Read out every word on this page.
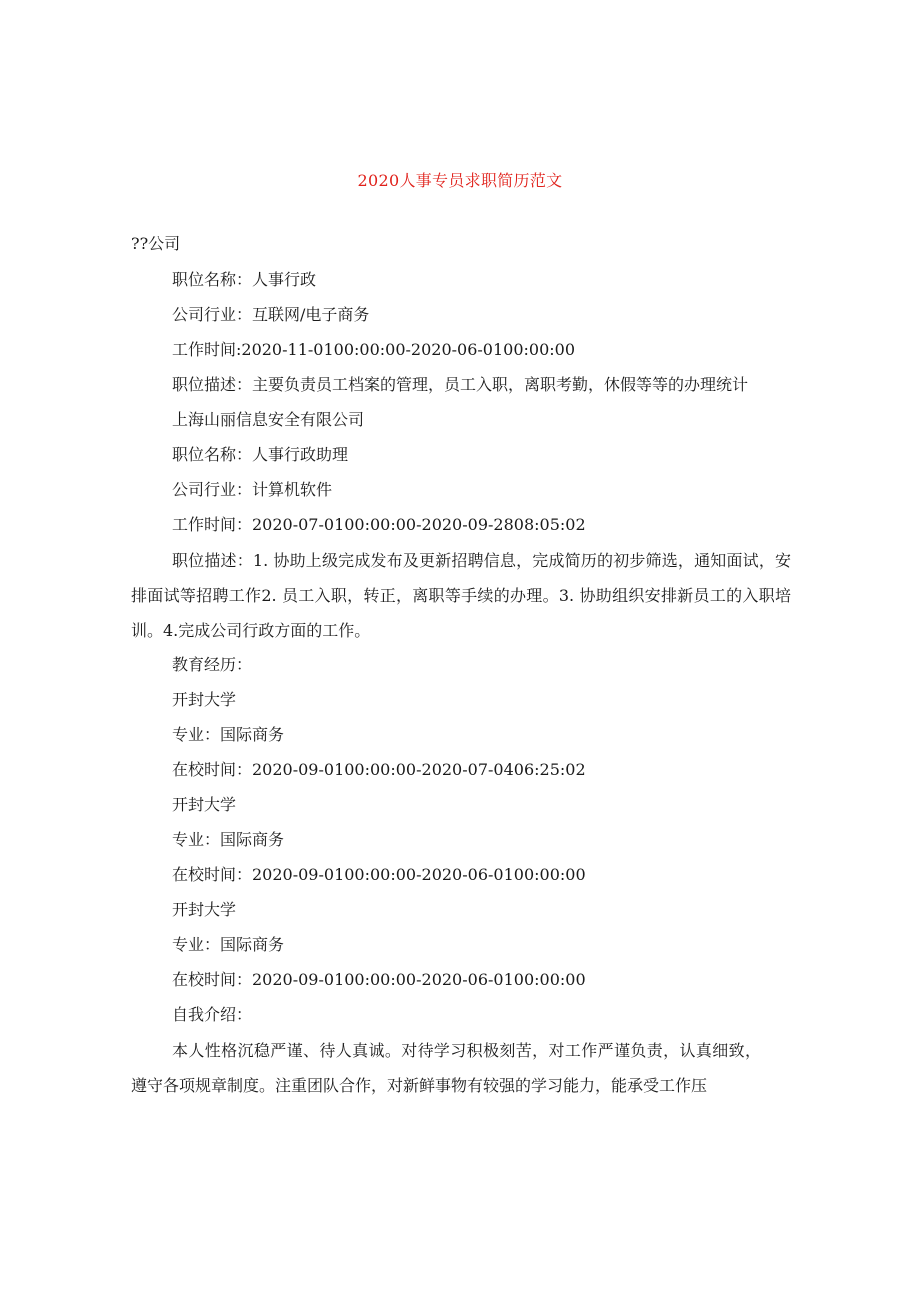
2020人事专员求职简历范文
??公司
职位名称：人事行政
公司行业：互联网/电子商务
工作时间:2020-11-0100:00:00-2020-06-0100:00:00
职位描述：主要负责员工档案的管理，员工入职，离职考勤，休假等等的办理统计
上海山丽信息安全有限公司
职位名称：人事行政助理
公司行业：计算机软件
工作时间：2020-07-0100:00:00-2020-09-2808:05:02
职位描述：1. 协助上级完成发布及更新招聘信息，完成简历的初步筛选，通知面试，安排面试等招聘工作2. 员工入职，转正，离职等手续的办理。3. 协助组织安排新员工的入职培训。4.完成公司行政方面的工作。
教育经历：
开封大学
专业：国际商务
在校时间：2020-09-0100:00:00-2020-07-0406:25:02
开封大学
专业：国际商务
在校时间：2020-09-0100:00:00-2020-06-0100:00:00
开封大学
专业：国际商务
在校时间：2020-09-0100:00:00-2020-06-0100:00:00
自我介绍：
本人性格沉稳严谨、待人真诚。对待学习积极刻苦，对工作严谨负责，认真细致，遵守各项规章制度。注重团队合作，对新鲜事物有较强的学习能力，能承受工作压
